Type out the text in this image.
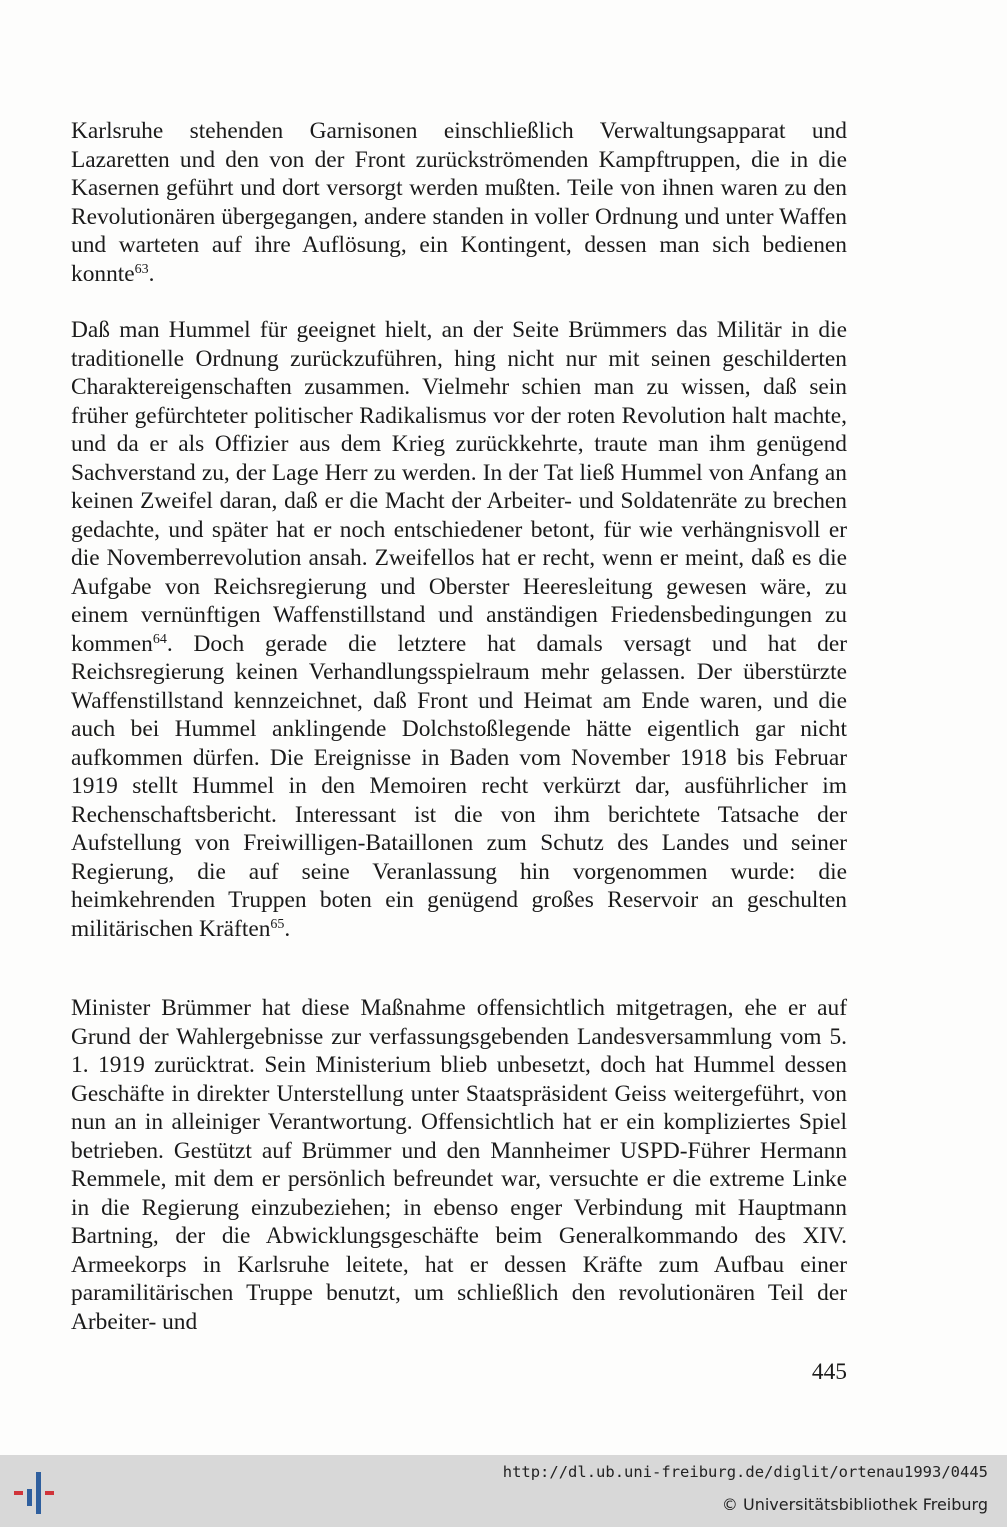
Karlsruhe stehenden Garnisonen einschließlich Verwaltungsapparat und Lazaretten und den von der Front zurückströmenden Kampftruppen, die in die Kasernen geführt und dort versorgt werden mußten. Teile von ihnen waren zu den Revolutionären übergegangen, andere standen in voller Ordnung und unter Waffen und warteten auf ihre Auflösung, ein Kontingent, dessen man sich bedienen konnte$^{63}$.

Daß man Hummel für geeignet hielt, an der Seite Brümmers das Militär in die traditionelle Ordnung zurückzuführen, hing nicht nur mit seinen geschilderten Charaktereigenschaften zusammen. Vielmehr schien man zu wissen, daß sein früher gefürchteter politischer Radikalismus vor der roten Revolution halt machte, und da er als Offizier aus dem Krieg zurückkehrte, traute man ihm genügend Sachverstand zu, der Lage Herr zu werden. In der Tat ließ Hummel von Anfang an keinen Zweifel daran, daß er die Macht der Arbeiter- und Soldatenräte zu brechen gedachte, und später hat er noch entschiedener betont, für wie verhängnisvoll er die Novemberrevolution ansah. Zweifellos hat er recht, wenn er meint, daß es die Aufgabe von Reichsregierung und Oberster Heeresleitung gewesen wäre, zu einem vernünftigen Waffenstillstand und anständigen Friedensbedingungen zu kommen$^{64}$. Doch gerade die letztere hat damals versagt und hat der Reichsregierung keinen Verhandlungsspielraum mehr gelassen. Der überstürzte Waffenstillstand kennzeichnet, daß Front und Heimat am Ende waren, und die auch bei Hummel anklingende Dolchstoßlegende hätte eigentlich gar nicht aufkommen dürfen. Die Ereignisse in Baden vom November 1918 bis Februar 1919 stellt Hummel in den Memoiren recht verkürzt dar, ausführlicher im Rechenschaftsbericht. Interessant ist die von ihm berichtete Tatsache der Aufstellung von Freiwilligen-Bataillonen zum Schutz des Landes und seiner Regierung, die auf seine Veranlassung hin vorgenommen wurde: die heimkehrenden Truppen boten ein genügend großes Reservoir an geschulten militärischen Kräften$^{65}$.

Minister Brümmer hat diese Maßnahme offensichtlich mitgetragen, ehe er auf Grund der Wahlergebnisse zur verfassungsgebenden Landesversammlung vom 5. 1. 1919 zurücktrat. Sein Ministerium blieb unbesetzt, doch hat Hummel dessen Geschäfte in direkter Unterstellung unter Staatspräsident Geiss weitergeführt, von nun an in alleiniger Verantwortung. Offensichtlich hat er ein kompliziertes Spiel betrieben. Gestützt auf Brümmer und den Mannheimer USPD-Führer Hermann Remmele, mit dem er persönlich befreundet war, versuchte er die extreme Linke in die Regierung einzubeziehen; in ebenso enger Verbindung mit Hauptmann Bartning, der die Abwicklungsgeschäfte beim Generalkommando des XIV. Armeekorps in Karlsruhe leitete, hat er dessen Kräfte zum Aufbau einer paramilitärischen Truppe benutzt, um schließlich den revolutionären Teil der Arbeiter- und

445
http://dl.ub.uni-freiburg.de/diglit/ortenau1993/0445
© Universitätsbibliothek Freiburg
